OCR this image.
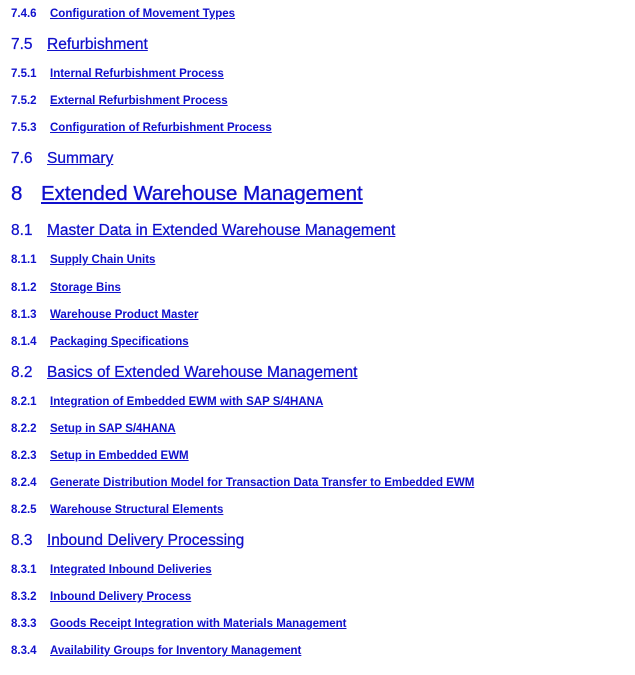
7.4.6 Configuration of Movement Types
7.5 Refurbishment
7.5.1 Internal Refurbishment Process
7.5.2 External Refurbishment Process
7.5.3 Configuration of Refurbishment Process
7.6 Summary
8 Extended Warehouse Management
8.1 Master Data in Extended Warehouse Management
8.1.1 Supply Chain Units
8.1.2 Storage Bins
8.1.3 Warehouse Product Master
8.1.4 Packaging Specifications
8.2 Basics of Extended Warehouse Management
8.2.1 Integration of Embedded EWM with SAP S/4HANA
8.2.2 Setup in SAP S/4HANA
8.2.3 Setup in Embedded EWM
8.2.4 Generate Distribution Model for Transaction Data Transfer to Embedded EWM
8.2.5 Warehouse Structural Elements
8.3 Inbound Delivery Processing
8.3.1 Integrated Inbound Deliveries
8.3.2 Inbound Delivery Process
8.3.3 Goods Receipt Integration with Materials Management
8.3.4 Availability Groups for Inventory Management
